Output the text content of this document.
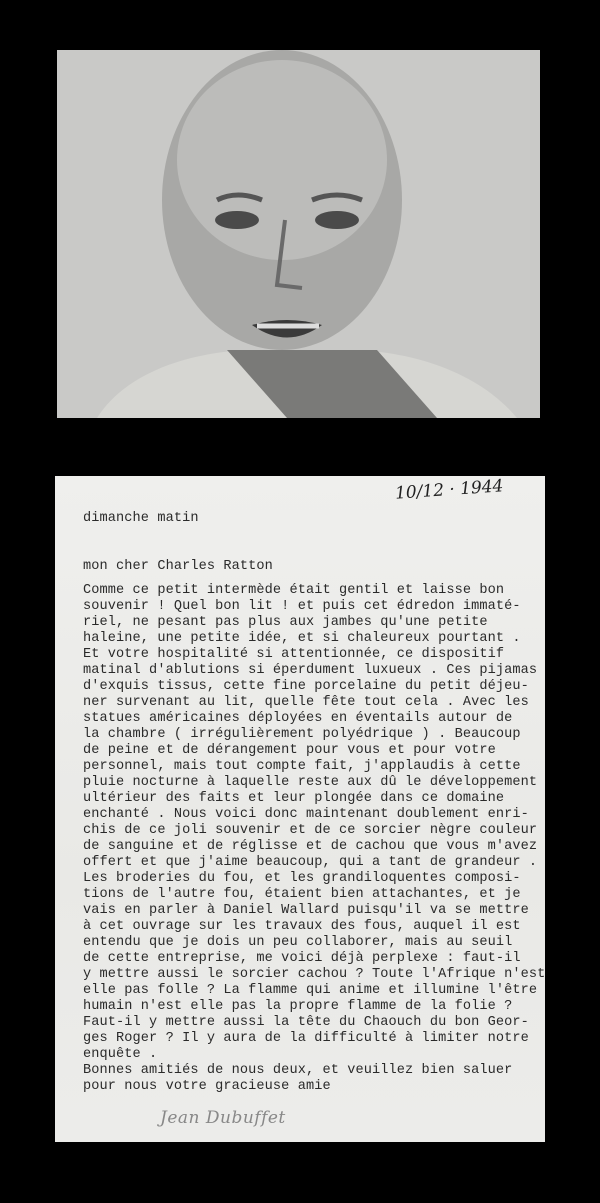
10/12 · 1944
dimanche matin
mon cher Charles Ratton
Comme ce petit intermède était gentil et laisse bon
souvenir ! Quel bon lit ! et puis cet édredon immaté-
riel, ne pesant pas plus aux jambes qu'une petite
haleine, une petite idée, et si chaleureux pourtant .
Et votre hospitalité si attentionnée, ce dispositif
matinal d'ablutions si éperdument luxueux . Ces pijamas
d'exquis tissus, cette fine porcelaine du petit déjeu-
ner survenant au lit, quelle fête tout cela . Avec les
statues américaines déployées en éventails autour de
la chambre ( irrégulièrement polyédrique ) . Beaucoup
de peine et de dérangement pour vous et pour votre
personnel, mais tout compte fait, j'applaudis à cette
pluie nocturne à laquelle reste aux dû le développement
ultérieur des faits et leur plongée dans ce domaine
enchanté . Nous voici donc maintenant doublement enri-
chis de ce joli souvenir et de ce sorcier nègre couleur
de sanguine et de réglisse et de cachou que vous m'avez
offert et que j'aime beaucoup, qui a tant de grandeur .
Les broderies du fou, et les grandiloquentes composi-
tions de l'autre fou, étaient bien attachantes, et je
vais en parler à Daniel Wallard puisqu'il va se mettre
à cet ouvrage sur les travaux des fous, auquel il est
entendu que je dois un peu collaborer, mais au seuil
de cette entreprise, me voici déjà perplexe : faut-il
y mettre aussi le sorcier cachou ? Toute l'Afrique n'est
elle pas folle ? La flamme qui anime et illumine l'être
humain n'est elle pas la propre flamme de la folie ?
Faut-il y mettre aussi la tête du Chaouch du bon Geor-
ges Roger ? Il y aura de la difficulté à limiter notre
enquête .
Bonnes amitiés de nous deux, et veuillez bien saluer
pour nous votre gracieuse amie
Jean Dubuffet
